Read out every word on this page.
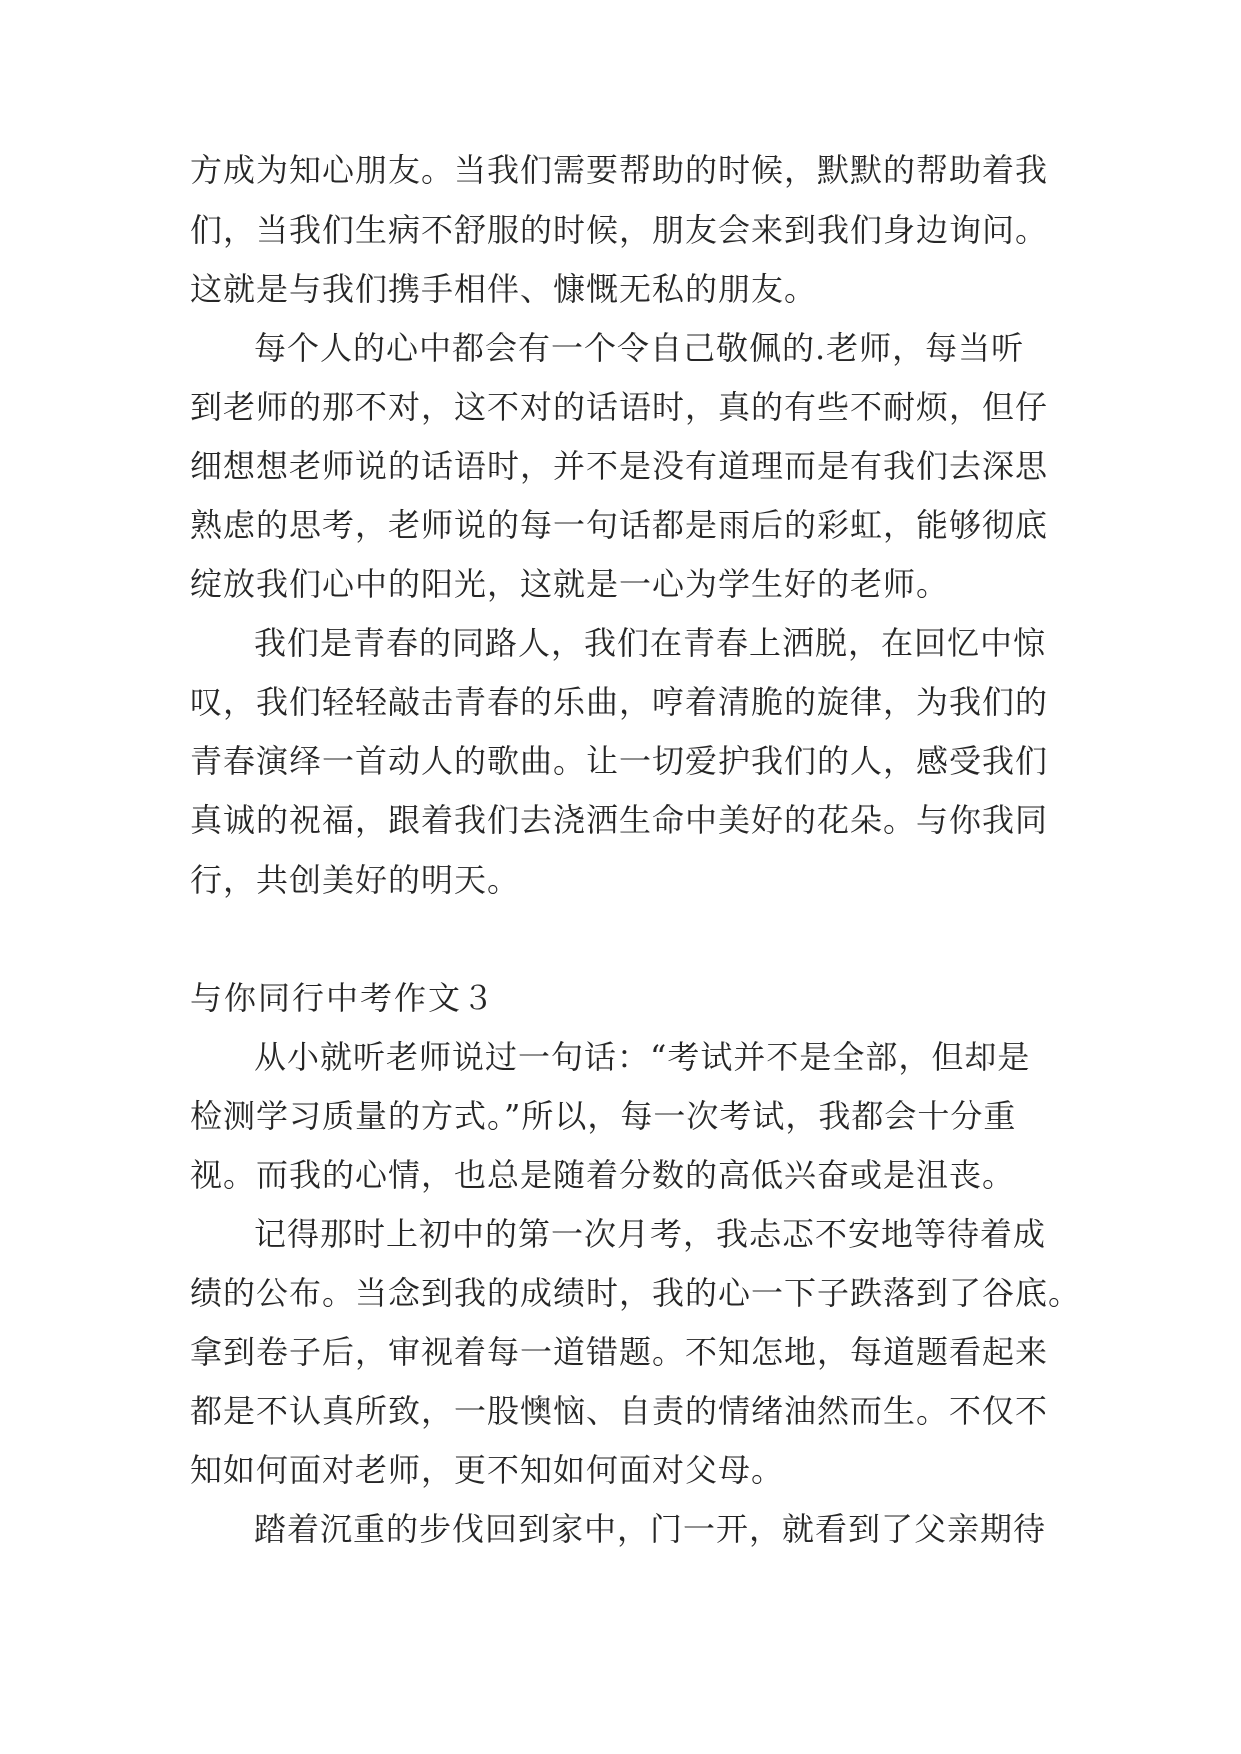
方成为知心朋友。当我们需要帮助的时候，默默的帮助着我
们，当我们生病不舒服的时候，朋友会来到我们身边询问。
这就是与我们携手相伴、慷慨无私的朋友。
每个人的心中都会有一个令自己敬佩的.老师，每当听
到老师的那不对，这不对的话语时，真的有些不耐烦，但仔
细想想老师说的话语时，并不是没有道理而是有我们去深思
熟虑的思考，老师说的每一句话都是雨后的彩虹，能够彻底
绽放我们心中的阳光，这就是一心为学生好的老师。
我们是青春的同路人，我们在青春上洒脱，在回忆中惊
叹，我们轻轻敲击青春的乐曲，哼着清脆的旋律，为我们的
青春演绎一首动人的歌曲。让一切爱护我们的人，感受我们
真诚的祝福，跟着我们去浇洒生命中美好的花朵。与你我同
行，共创美好的明天。
与你同行中考作文３
从小就听老师说过一句话：“考试并不是全部，但却是
检测学习质量的方式。”所以，每一次考试，我都会十分重
视。而我的心情，也总是随着分数的高低兴奋或是沮丧。
记得那时上初中的第一次月考，我忐忑不安地等待着成
绩的公布。当念到我的成绩时，我的心一下子跌落到了谷底。
拿到卷子后，审视着每一道错题。不知怎地，每道题看起来
都是不认真所致，一股懊恼、自责的情绪油然而生。不仅不
知如何面对老师，更不知如何面对父母。
踏着沉重的步伐回到家中，门一开，就看到了父亲期待
